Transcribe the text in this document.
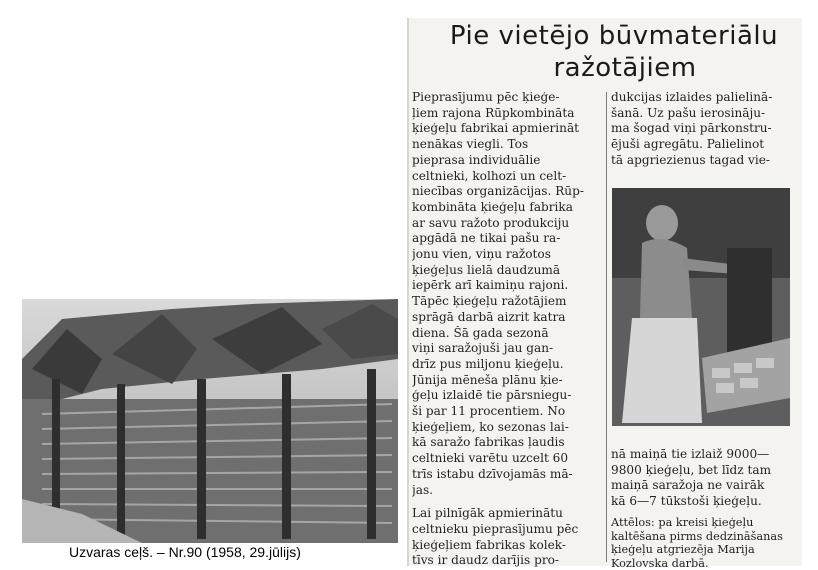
Pie vietējo būvmateriālu
ražotājiem
Pieprasījumu pēc ķieģe-
ļiem rajona Rūpkombināta
ķieģeļu fabrikai apmierināt
nenākas viegli. Tos
pieprasa individuālie
celtnieki, kolhozi un celt-
niecības organizācijas. Rūp-
kombināta ķieģeļu fabrika
ar savu ražoto produkciju
apgādā ne tikai pašu ra-
jonu vien, viņu ražotos
ķieģeļus lielā daudzumā
iepērk arī kaimiņu rajoni.
Tāpēc ķieģeļu ražotājiem
sprāgā darbā aizrit katra
diena. Šā gada sezonā
viņi saražojuši jau gan-
drīz pus miljonu ķieģeļu.
Jūnija mēneša plānu ķie-
ģeļu izlaidē tie pārsniegu-
ši par 11 procentiem. No
ķieģeļiem, ko sezonas lai-
kā saražo fabrikas ļaudis
celtnieki varētu uzcelt 60
trīs istabu dzīvojamās mā-
jas.
Lai pilnīgāk apmierinātu
celtnieku pieprasījumu pēc
ķieģeļiem fabrikas kolek-
tīvs ir daudz darījis pro-
dukcijas izlaides palielinā-
šanā. Uz pašu ierosināju-
ma šogad viņi pārkonstru-
ējuši agregātu. Palielinot
tā apgriezienus tagad vie-
nā maiņā tie izlaiž 9000—
9800 ķieģeļu, bet līdz tam
maiņā saražoja ne vairāk
kā 6—7 tūkstoši ķieģeļu.
Attēlos: pa kreisi ķieģeļu
kaltēšana pirms dedzināšanas
ķieģeļu atgriezēja Marija
Kozlovska darbā.
Uzvaras ceļš. – Nr.90 (1958, 29.jūlijs)
